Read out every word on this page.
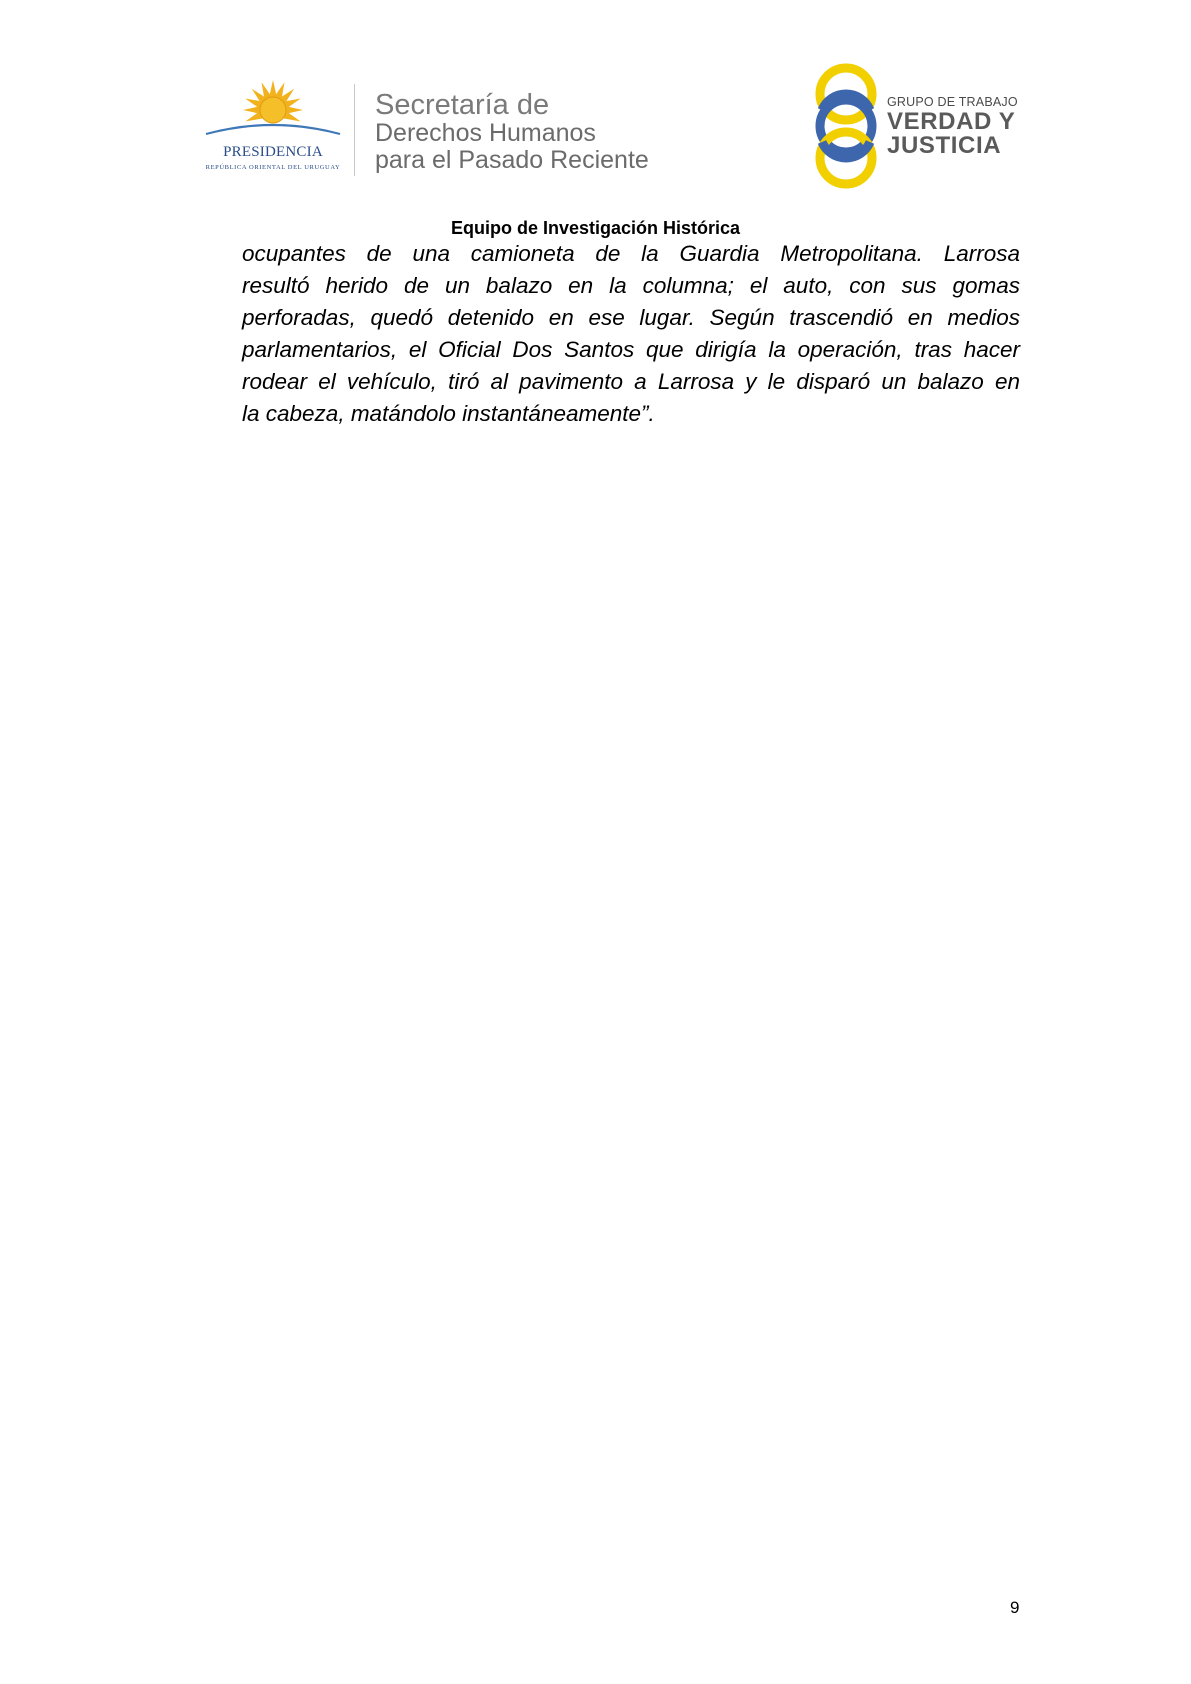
PRESIDENCIA
REPÚBLICA ORIENTAL DEL URUGUAY
Secretaría de
Derechos Humanos
para el Pasado Reciente
GRUPO DE TRABAJO
VERDAD Y
JUSTICIA
Equipo de Investigación Histórica
ocupantes de una camioneta de la Guardia Metropolitana. Larrosa
resultó herido de un balazo en la columna; el auto, con sus gomas
perforadas, quedó detenido en ese lugar. Según trascendió en medios
parlamentarios, el Oficial Dos Santos que dirigía la operación, tras hacer
rodear el vehículo, tiró al pavimento a Larrosa y le disparó un balazo en
la cabeza, matándolo instantáneamente”.
9
